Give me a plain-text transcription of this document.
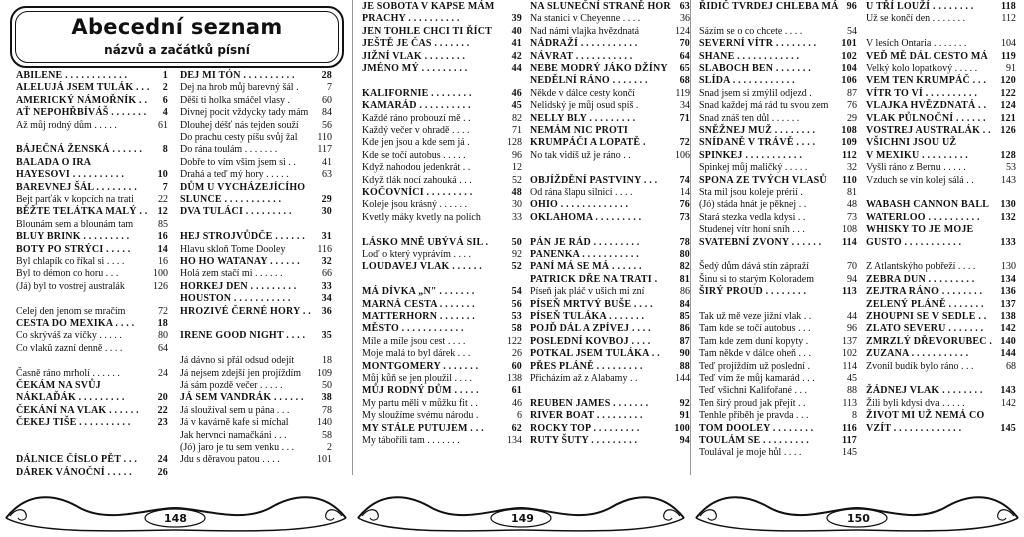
Abecední seznam
názvů a začátků písní
ABILENE . . . . . . . . . . . .	1
ALELUJÁ JSEM TULÁK . . . 2
AMERICKÝ NÁMOŘNÍK . . 6
AŤ NEPOHŘBÍVÁŠ . . . . . . . 4
Až můj rodný dům . . . . .	61
BÁJEČNÁ ŽENSKÁ . . . . . . 8
BALADA O IRA
HAYESOVI . . . . . . . . . .	10
BAREVNEJ ŠÁL . . . . . . . .	7
Bejt parťák v kopcích na trati 22
BĚŽTE TELÁTKA MALÝ . . 12
Blounám sem a blounám tam 85
BLUY BRINK . . . . . . . . .	16
BOTY PO STRÝCI . . . . .	14
Byl chlapík co říkal si . . . .	16
Byl to démon co horu . . .	100
(Já) byl to vostrej australák	126
Celej den jenom se mračím	72
CESTA DO MEXIKA . . . . 18
Co skrýváš za víčky . . . . .	80
Co vlakŭ zazní denně . . . .	64
Časně ráno mrholí . . . . . .	24
ČEKÁM NA SVŮJ
NÁKLAĎÁK . . . . . . . . .	20
ČEKÁNÍ NA VLAK . . . . . . 22
ČEKEJ TIŠE . . . . . . . . . .	23
DÁLNICE ČÍSLO PĚT . . . 24
DÁREK VÁNOČNÍ . . . . .	26
DEJ MI TÓN . . . . . . . . . .	28
Dej na hrob můj barevný šál .	7
Děší ti holka smáčel vlasy .	60
Divnej pocit vždycky tady mám 84
Dlouhej déšť nás tejden souží 56
Do prachu cesty píšu svůj žal 110
Do rána toulám . . . . . . .	117
Dobře to vím všim jsem si . .	41
Drahá a teď mý hory . . . . .	63
DŮM U VYCHÁZEJÍCÍHO
SLUNCE . . . . . . . . . . .	29
DVA TULÁCI . . . . . . . . .	30
HEJ STROJVŮDČE . . . . . . 31
Hlavu skloň Tome Dooley	116
HO HO WATANAY . . . . . . 32
Holá zem stačí mi . . . . . .	66
HORKEJ DEN . . . . . . . . .	33
HOUSTON . . . . . . . . . . .	34
HROZIVÉ ČERNÉ HORY . . 36
IRENE GOOD NIGHT . . . . 35
Já dávno si přál odsud odejít	18
Já nejsem zdejší jen projíždím 109
Já sám pozdě večer . . . . .	50
JÁ SEM VANDRÁK . . . . . . 38
Já sloužíval sem u pána . . .	78
Já v kavárně kafe si míchal	140
Jak hervnci namačkáni . . .	58
(Jó) jaro je tu sem venku . . .	2
Jdu s děravou patou . . . .	101
JE SOBOTA V KAPSE MÁM
PRACHY . . . . . . . . . .	39
JEN TOHLE CHCI TI ŘÍCT 40
JEŠTĚ JE ČAS . . . . . . .	41
JIŽNÍ VLAK . . . . . . . .	42
JMÉNO MÝ . . . . . . . . .	44
KALIFORNIE . . . . . . . .	46
KAMARÁD . . . . . . . . . .	45
Každé ráno probouzí mě . .	82
Každý večer v ohradě . . . .	71
Kde jen jsou a kde sem já .	128
Kde se točí autobus . . . . .	96
Když nahodou jedenkrát . .	12
Když tlák nocí zahouká . . .	52
KOČOVNÍCI . . . . . . . . .	48
Koleje jsou krásný . . . . . .	30
Kvetly máky kvetly na polích	33
LÁSKO MNĚ UBÝVÁ SIL . 50
Loď o který vyprávím . . . .	92
LOUDAVEJ VLAK . . . . . .	52
MÁ DÍVKA „N" . . . . . . .	54
MARNÁ CESTA . . . . . . .	56
MATTERHORN . . . . . . .	53
MĚSTO . . . . . . . . . . . .	58
Míle a míle jsou cest . . . .	122
Moje malá to byl dárek . . .	26
MONTGOMERY . . . . . . .	60
Můj kůň se jen ploužil . . . .	138
MŮJ RODNÝ DŮM . . . . .	61
My partu měli v můžku fit . .	46
My sloužíme svému národu .	6
MY STÁLE PUTUJEM . . .	62
My táboříli tam . . . . . . .	134
NA SLUNEČNÍ STRANĚ HOR 63
Na stanici v Cheyenne . . . .	36
Nad námi vlajka hvězdnatá	124
NÁDRAŽÍ . . . . . . . . . . .	70
NÁVRAT . . . . . . . . . . .	64
NEBE MODRÝ JÁKO DŽÍNY 65
NEDĚLNÍ RÁNO . . . . . . .	68
Někde v dálce cesty končí	119
Nelidský je můj osud spíš .	34
NELLY BLY . . . . . . . . .	71
NEMÁM NIC PROTI
KRUMPÁČI A LOPATĚ .	72
No tak vidíš už je ráno . .	106
OBJÍŽDĚNÍ PASTVINY . . . 74
Od rána šlapu silnicí . . . .	14
OHIO . . . . . . . . . . . . .	76
OKLAHOMA . . . . . . . . .	73
PÁN JE RÁD . . . . . . . . .	78
PANENKA . . . . . . . . . . .	80
PANÍ MÁ SE MÁ . . . . . .	82
PATRICK DŘE NA TRATI . 81
Píseň jak pláč v ušich mi zní	86
PÍSEŇ MRTVÝ BUŠE . . . .	84
PÍSEŇ TULÁKA . . . . . . .	85
POJĎ DÁL A ZPÍVEJ . . . .	86
POSLEDNÍ KOVBOJ . . . .	87
POTKAL JSEM TULÁKA . . 90
PŘES PLÁNĚ . . . . . . . . .	88
Přicházím až z Alabamy . .	144
REUBEN JAMES . . . . . . .	92
RIVER BOAT . . . . . . . . .	91
ROCKY TOP . . . . . . . . .	100
RUTY ŠUTY . . . . . . . . .	94
ŘIDIČ TVRDEJ CHLEBA MÁ 96
Sázím se o co chcete . . . .	54
SEVERNÍ VÍTR . . . . . . . .	101
SHANE . . . . . . . . . . . .	102
SLABOCH BEN . . . . . . .	104
SLÍDA . . . . . . . . . . . .	106
Snad jsem si zmýlil odjezd .	87
Snad každej má rád tu svou zem 76
Snad znáš ten důl . . . . . .	29
SNĚŽNEJ MUŽ . . . . . . . .	108
SNÍDANĚ V TRÁVĚ . . . .	109
SPINKEJ . . . . . . . . . . .	112
Spinkej můj maličký . . . . .	32
SPONA ZE TVÝCH VLASŮ 110
Sta mil jsou koleje prérií .	81
(Jó) stáda hnát je pěknej . .	48
Stará stezka vedla kdysi . .	73
Studenej vítr honí sníh . . .	108
SVATEBNÍ ZVONY . . . . . . 114
Šedý dům dává stín zápraží	70
Šinu si to starým Koloradem	94
ŠIRÝ PROUD . . . . . . . .	113
Tak už mě veze jižní vlak . .	44
Tam kde se točí autobus . . .	96
Tam kde zem duní kopyty .	137
Tam někde v dálce oheň . . .	102
Teď projíždím už poslední .	114
Teď vím že můj kamarád . . .	45
Teď všichni Kalifořané . . .	88
Ten širý proud jak přejít . .	113
Tenhle příběh je pravda . . .	8
TOM DOOLEY . . . . . . . .	116
TOULÁM SE . . . . . . . . .	117
Toulával je moje hůl . . . .	145
U TŘÍ LOUŽÍ . . . . . . . .	118
Už se končí den . . . . . . .	112
V lesích Ontaria . . . . . . .	104
VEĎ MĚ DÁL CESTO MÁ 119
Velký kolo lopatkový . . . . .	91
VEM TEN KRUMPÁČ . . . 120
VÍTR TO VÍ . . . . . . . . . . 122
VLAJKA HVĚZDNATÁ . . 124
VLAK PŮLNOČNÍ . . . . . . 121
VOSTREJ AUSTRALÁK . . 126
VŠICHNI JSOU UŽ
V MEXIKU . . . . . . . . .	128
Vyšli ráno z Bernu . . . . .	53
Vzduch se vín kolej sálá . .	143
WABASH CANNON BALL 130
WATERLOO . . . . . . . . . . 132
WHISKY TO JE MOJE
GUSTO . . . . . . . . . . .	133
Z Atlantskýho pobřeží . . . .	130
ZEBRA DUN . . . . . . . . .	134
ZEJTRA RÁNO . . . . . . . . 136
ZELENÝ PLÁNĚ . . . . . . . 137
ZHOUPNI SE V SEDLE . . 138
ZLATO SEVERU . . . . . . . 142
ZMRZLÝ DŘEVORUBEC . 140
ZUZANA . . . . . . . . . . .	144
Zvonil budík bylo ráno . . .	68
ŽÁDNEJ VLAK . . . . . . . . 143
Žili byli kdysi dva . . . . .	142
ŽIVOT MI UŽ NEMÁ CO
VZÍT . . . . . . . . . . . . .	145
148	149	150
